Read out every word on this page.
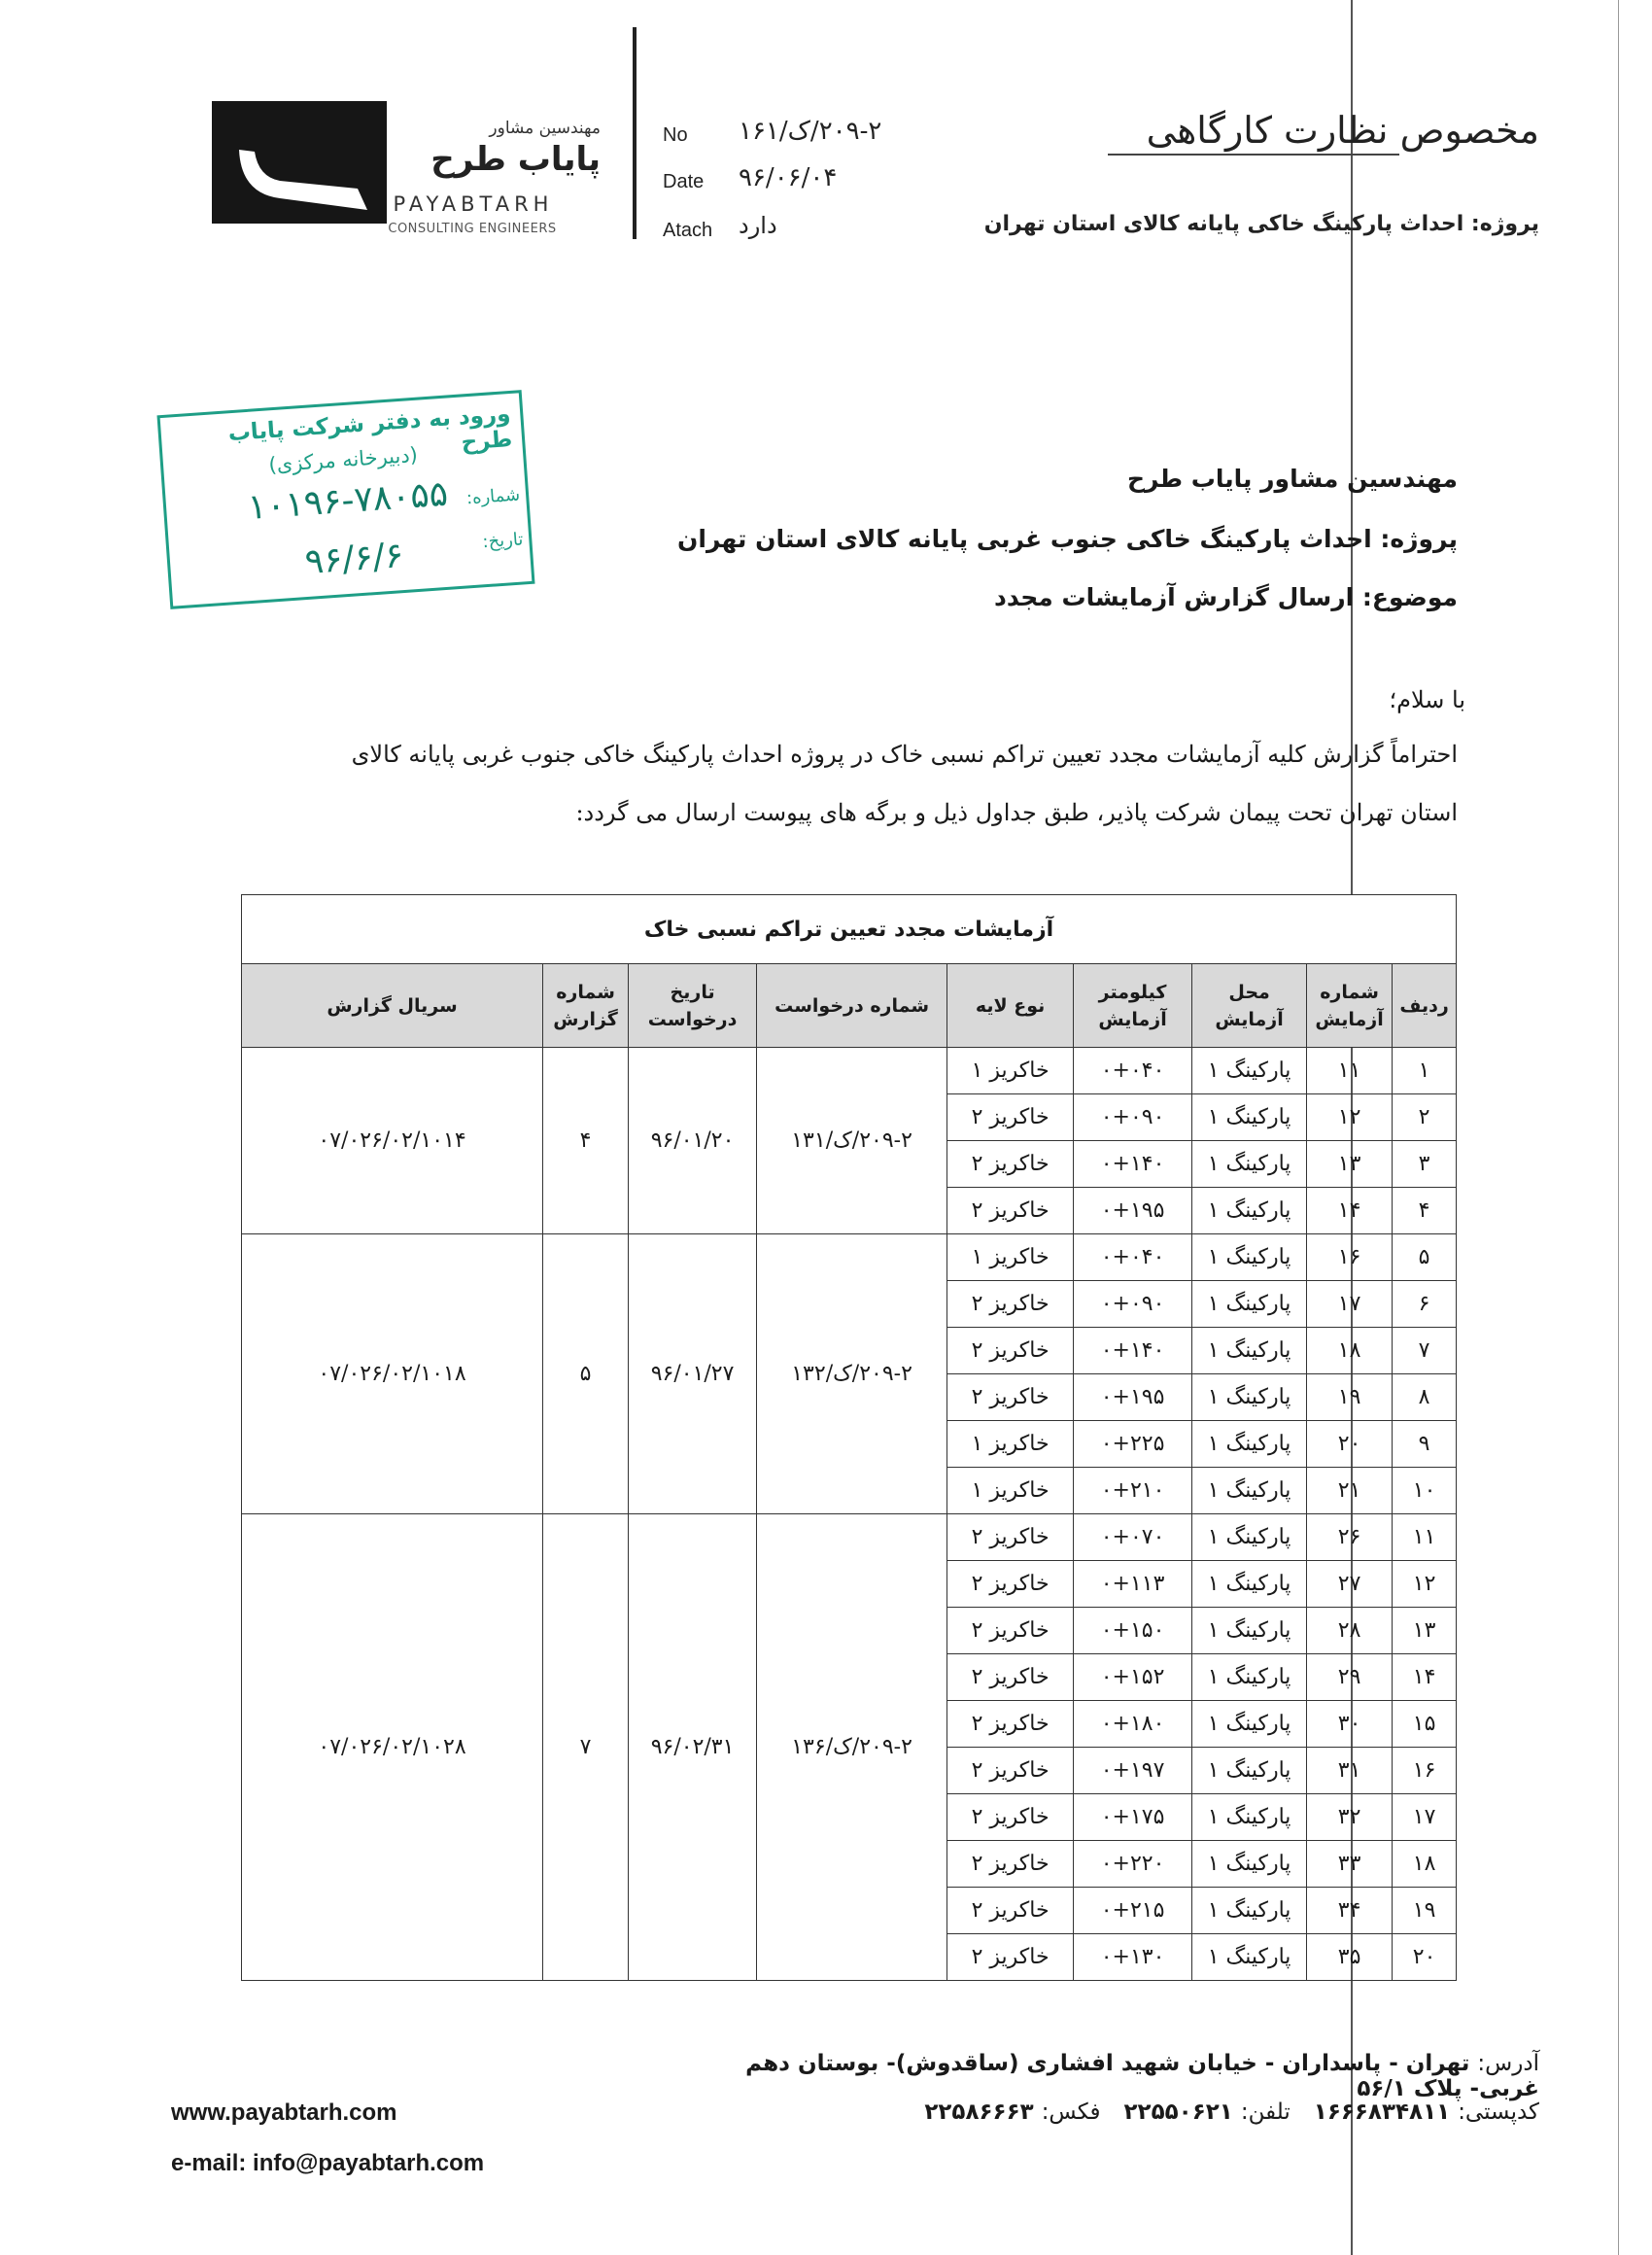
مهندسین مشاور
پایاب طرح
PAYABTARH
CONSULTING ENGINEERS
No	۲۰۹-۲/ک/۱۶۱
Date	۹۶/۰۶/۰۴
Atach	دارد
مخصوص نظارت کارگاهی
پروژه: احداث پارکینگ خاکی پایانه کالای استان تهران
ورود به دفتر شرکت پایاب طرح
(دبیرخانه مرکزی)
شماره:
۱۰۱۹۶-۷۸۰۵۵
تاریخ:
۹۶/۶/۶
مهندسین مشاور پایاب طرح
پروژه: احداث پارکینگ خاکی جنوب غربی پایانه کالای استان تهران
موضوع: ارسال گزارش آزمایشات مجدد
با سلام؛
احتراماً گزارش کلیه آزمایشات مجدد تعیین تراکم نسبی خاک در پروژه احداث پارکینگ خاکی جنوب غربی پایانه کالای
استان تهران تحت پیمان شرکت پاذیر، طبق جداول ذیل و برگه های پیوست ارسال می گردد:
آزمایشات مجدد تعیین تراکم نسبی خاک								
ردیف	شماره آزمایش	محل آزمایش	کیلومتر آزمایش	نوع لایه	شماره درخواست	تاریخ درخواست	شماره گزارش	سریال گزارش
۱	۱۱	پارکینگ ۱	۰+۰۴۰	خاکریز ۱	۲۰۹-۲/ک/۱۳۱	۹۶/۰۱/۲۰	۴	۰۷/۰۲۶/۰۲/۱۰۱۴
۲	۱۲	پارکینگ ۱	۰+۰۹۰	خاکریز ۲				
۳	۱۳	پارکینگ ۱	۰+۱۴۰	خاکریز ۲				
۴	۱۴	پارکینگ ۱	۰+۱۹۵	خاکریز ۲				
۵	۱۶	پارکینگ ۱	۰+۰۴۰	خاکریز ۱	۲۰۹-۲/ک/۱۳۲	۹۶/۰۱/۲۷	۵	۰۷/۰۲۶/۰۲/۱۰۱۸
۶	۱۷	پارکینگ ۱	۰+۰۹۰	خاکریز ۲				
۷	۱۸	پارکینگ ۱	۰+۱۴۰	خاکریز ۲				
۸	۱۹	پارکینگ ۱	۰+۱۹۵	خاکریز ۲				
۹	۲۰	پارکینگ ۱	۰+۲۲۵	خاکریز ۱				
۱۰	۲۱	پارکینگ ۱	۰+۲۱۰	خاکریز ۱				
۱۱	۲۶	پارکینگ ۱	۰+۰۷۰	خاکریز ۲	۲۰۹-۲/ک/۱۳۶	۹۶/۰۲/۳۱	۷	۰۷/۰۲۶/۰۲/۱۰۲۸
۱۲	۲۷	پارکینگ ۱	۰+۱۱۳	خاکریز ۲				
۱۳	۲۸	پارکینگ ۱	۰+۱۵۰	خاکریز ۲				
۱۴	۲۹	پارکینگ ۱	۰+۱۵۲	خاکریز ۲				
۱۵	۳۰	پارکینگ ۱	۰+۱۸۰	خاکریز ۲				
۱۶	۳۱	پارکینگ ۱	۰+۱۹۷	خاکریز ۲				
۱۷	۳۲	پارکینگ ۱	۰+۱۷۵	خاکریز ۲				
۱۸	۳۳	پارکینگ ۱	۰+۲۲۰	خاکریز ۲				
۱۹	۳۴	پارکینگ ۱	۰+۲۱۵	خاکریز ۲				
۲۰	۳۵	پارکینگ ۱	۰+۱۳۰	خاکریز ۲				
www.payabtarh.com
e-mail: info@payabtarh.com
آدرس: تهران - پاسداران - خیابان شهید افشاری (ساقدوش)- بوستان دهم غربی- پلاک ۵۶/۱
کدپستی: ۱۶۶۶۸۳۴۸۱۱   تلفن: ۲۲۵۵۰۶۲۱   فکس: ۲۲۵۸۶۶۶۳
